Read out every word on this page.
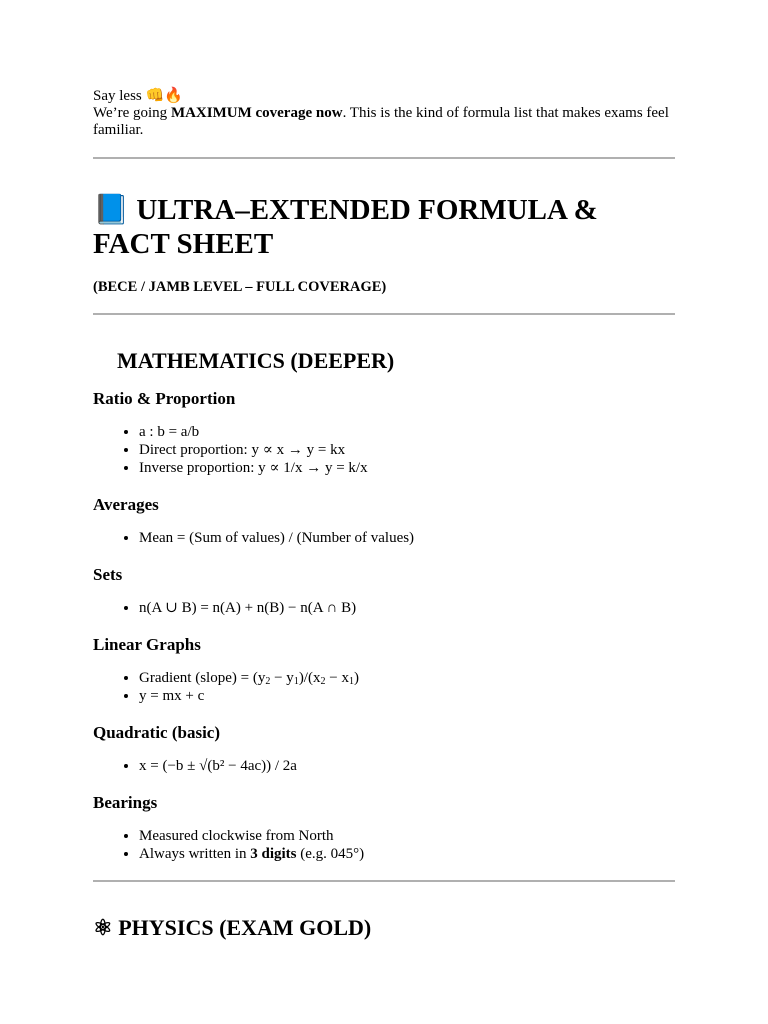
Say less 👊🔥

We’re going MAXIMUM coverage now. This is the kind of formula list that makes exams feel familiar.

📘 ULTRA–EXTENDED FORMULA & FACT SHEET

(BECE / JAMB LEVEL – FULL COVERAGE)

MATHEMATICS (DEEPER)
Ratio & Proportion
• a : b = a/b
• Direct proportion: y ∝ x → y = kx
• Inverse proportion: y ∝ 1/x → y = k/x
Averages
• Mean = (Sum of values) / (Number of values)
Sets
• n(A ∪ B) = n(A) + n(B) − n(A ∩ B)
Linear Graphs
• Gradient (slope) = $(y_2 - y_1)/(x_2 - x_1)$
• y = mx + c
Quadratic (basic)
• x = (−b ± √(b² − 4ac)) / 2a
Bearings
• Measured clockwise from North
• Always written in 3 digits (e.g. 045°)
⚛ PHYSICS (EXAM GOLD)
